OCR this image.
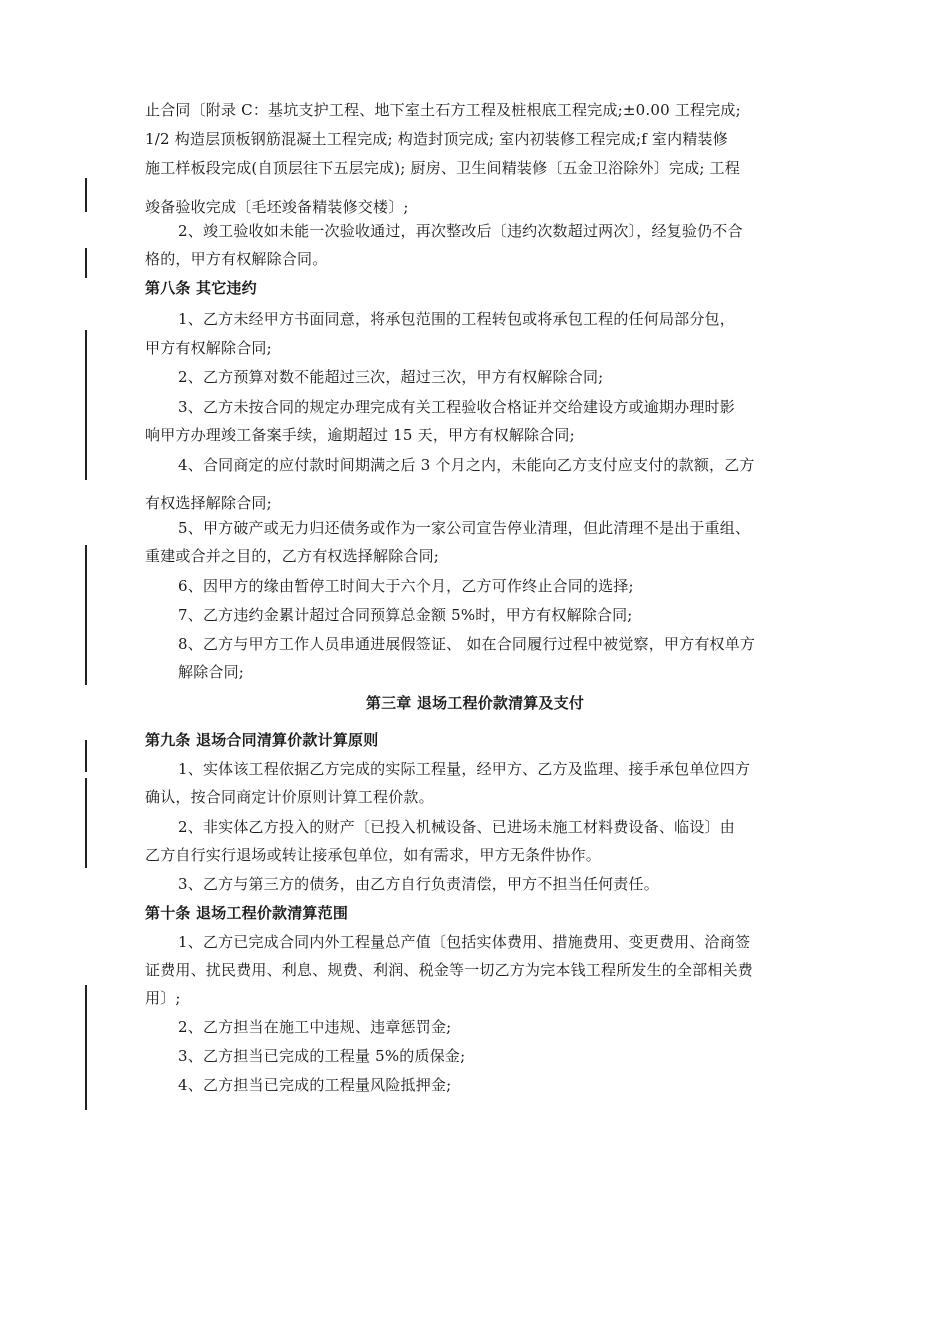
止合同〔附录 C：基坑支护工程、地下室土石方工程及桩根底工程完成;±0.00 工程完成;
1/2 构造层顶板钢筋混凝土工程完成; 构造封顶完成; 室内初装修工程完成;f 室内精装修
施工样板段完成(自顶层往下五层完成); 厨房、卫生间精装修〔五金卫浴除外〕完成; 工程
竣备验收完成〔毛坯竣备精装修交楼〕;
2、竣工验收如未能一次验收通过，再次整改后〔违约次数超过两次〕，经复验仍不合
格的，甲方有权解除合同。
第八条 其它违约
1、乙方未经甲方书面同意，将承包范围的工程转包或将承包工程的任何局部分包，
甲方有权解除合同;
2、乙方预算对数不能超过三次，超过三次，甲方有权解除合同;
3、乙方未按合同的规定办理完成有关工程验收合格证并交给建设方或逾期办理时影
响甲方办理竣工备案手续，逾期超过 15 天，甲方有权解除合同;
4、合同商定的应付款时间期满之后 3 个月之内，未能向乙方支付应支付的款额，乙方
有权选择解除合同;
5、甲方破产或无力归还债务或作为一家公司宣告停业清理，但此清理不是出于重组、
重建或合并之目的，乙方有权选择解除合同;
6、因甲方的缘由暂停工时间大于六个月，乙方可作终止合同的选择;
7、乙方违约金累计超过合同预算总金额 5%时，甲方有权解除合同;
8、乙方与甲方工作人员串通进展假签证、 如在合同履行过程中被觉察，甲方有权单方
解除合同;
第三章 退场工程价款清算及支付
第九条 退场合同清算价款计算原则
1、实体该工程依据乙方完成的实际工程量，经甲方、乙方及监理、接手承包单位四方
确认，按合同商定计价原则计算工程价款。
2、非实体乙方投入的财产〔已投入机械设备、已进场未施工材料费设备、临设〕由
乙方自行实行退场或转让接承包单位，如有需求，甲方无条件协作。
3、乙方与第三方的债务，由乙方自行负责清偿，甲方不担当任何责任。
第十条 退场工程价款清算范围
1、乙方已完成合同内外工程量总产值〔包括实体费用、措施费用、变更费用、洽商签
证费用、扰民费用、利息、规费、利润、税金等一切乙方为完本钱工程所发生的全部相关费
用〕;
2、乙方担当在施工中违规、违章惩罚金;
3、乙方担当已完成的工程量 5%的质保金;
4、乙方担当已完成的工程量风险抵押金;
